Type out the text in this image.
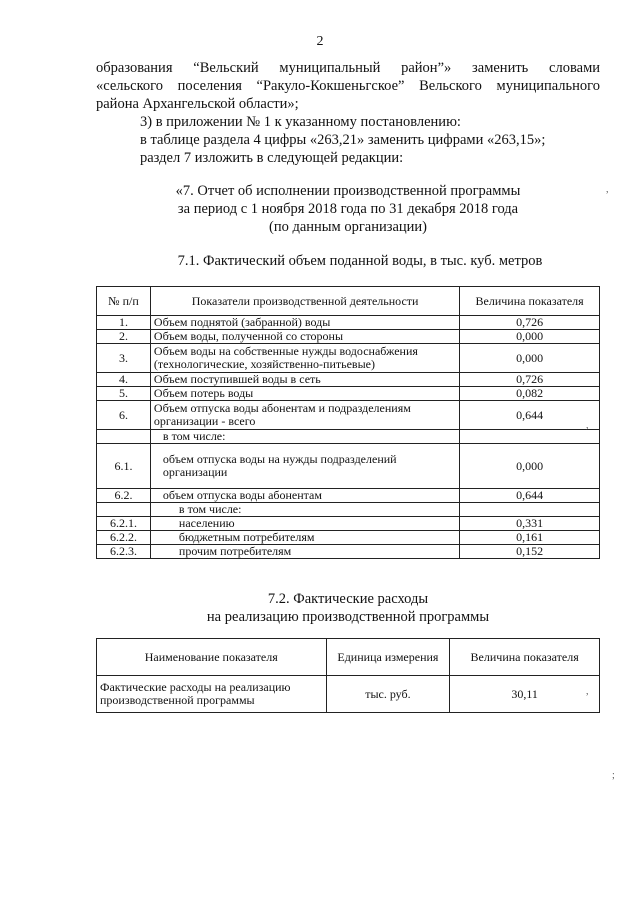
2
образования “Вельский муниципальный район”» заменить словами
«сельского поселения “Ракуло-Кокшеньгское” Вельского муниципального
района Архангельской области»;
3) в приложении № 1 к указанному постановлению:
в таблице раздела 4 цифры «263,21» заменить цифрами «263,15»;
раздел 7 изложить в следующей редакции:
«7. Отчет об исполнении производственной программы
за период с 1 ноября 2018 года по 31 декабря 2018 года
(по данным организации)
7.1. Фактический объем поданной воды, в тыс. куб. метров
№ п/п	Показатели производственной деятельности	Величина показателя
1.	Объем поднятой (забранной) воды	0,726
2.	Объем воды, полученной со стороны	0,000
3.	Объем воды на собственные нужды водоснабжения (технологические, хозяйственно-питьевые)	0,000
4.	Объем поступившей воды в сеть	0,726
5.	Объем потерь воды	0,082
6.	Объем отпуска воды абонентам и подразделениям организации - всего	0,644
	в том числе:	
6.1.	объем отпуска воды на нужды подразделений организации	0,000
6.2.	объем отпуска воды абонентам	0,644
	в том числе:	
6.2.1.	населению	0,331
6.2.2.	бюджетным потребителям	0,161
6.2.3.	прочим потребителям	0,152
7.2. Фактические расходы
на реализацию производственной программы
Наименование показателя	Единица измерения	Величина показателя
Фактические расходы на реализацию производственной программы	тыс. руб.	30,11
,
,
,
;
